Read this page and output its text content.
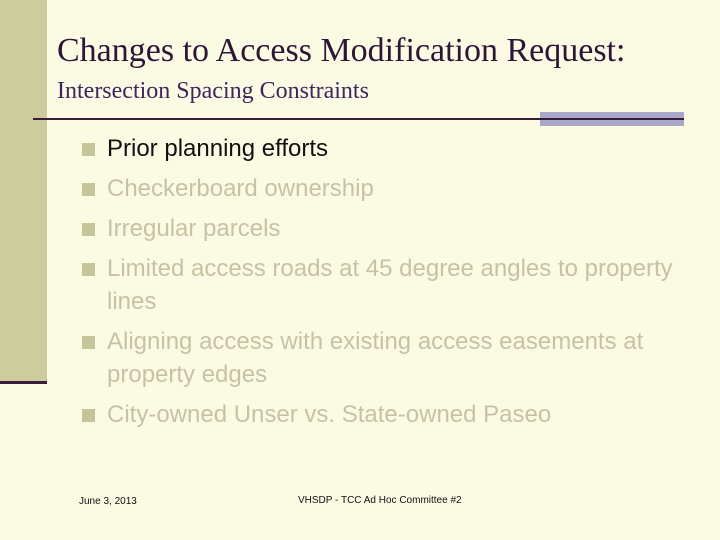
Changes to Access Modification Request:
Intersection Spacing Constraints
Prior planning efforts
Checkerboard ownership
Irregular parcels
Limited access roads at 45 degree angles to property lines
Aligning access with existing access easements at property edges
City-owned Unser vs. State-owned Paseo
June 3, 2013	VHSDP - TCC Ad Hoc Committee #2
